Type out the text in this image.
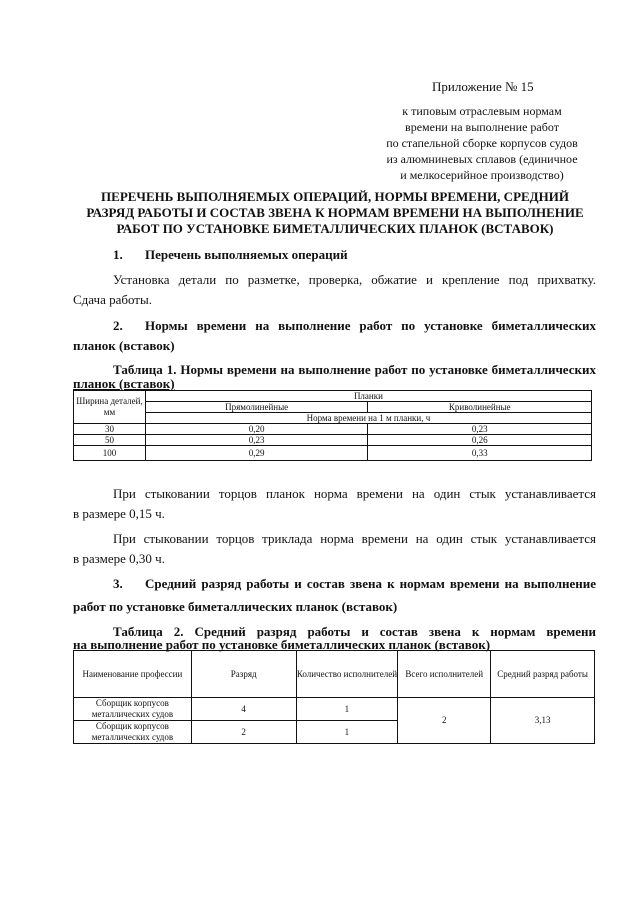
Приложение № 15
к типовым отраслевым нормам
времени на выполнение работ
по стапельной сборке корпусов судов
из алюмниневых сплавов (единичное
и мелкосерийное производство)
ПЕРЕЧЕНЬ ВЫПОЛНЯЕМЫХ ОПЕРАЦИЙ, НОРМЫ ВРЕМЕНИ, СРЕДНИЙ
РАЗРЯД РАБОТЫ И СОСТАВ ЗВЕНА К НОРМАМ ВРЕМЕНИ НА ВЫПОЛНЕНИЕ
РАБОТ ПО УСТАНОВКЕ БИМЕТАЛЛИЧЕСКИХ ПЛАНОК (ВСТАВОК)
1. Перечень выполняемых операций
Установка детали по разметке, проверка, обжатие и крепление под прихватку.
Сдача работы.
2. Нормы времени на выполнение работ по установке биметаллических
планок (вставок)
Таблица 1. Нормы времени на выполнение работ по установке биметаллических
планок (вставок)
Ширина деталей, мм	Планки	
	Прямолинейные	Криволинейные
	Норма времени на 1 м планки, ч	
30	0,20	0,23
50	0,23	0,26
100	0,29	0,33
При стыковании торцов планок норма времени на один стык устанавливается
в размере 0,15 ч.
При стыковании торцов триклада норма времени на один стык устанавливается
в размере 0,30 ч.
3. Средний разряд работы и состав звена к нормам времени на выполнение
работ по установке биметаллических планок (вставок)
Таблица 2. Средний разряд работы и состав звена к нормам времени
на выполнение работ по установке биметаллических планок (вставок)
Наименование профессии	Разряд	Количество исполнителей	Всего исполнителей	Средний разряд работы
Сборщик корпусов металлических судов	4	1	2	3,13
Сборщик корпусов металлических судов	2	1		
